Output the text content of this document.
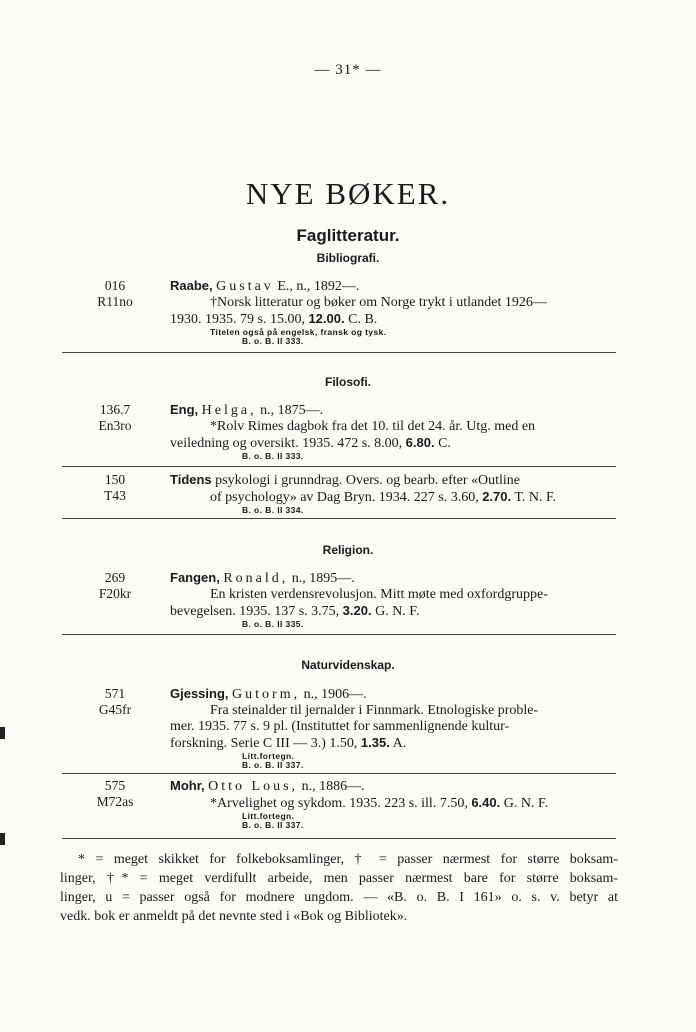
— 31* —
NYE BØKER.
Faglitteratur.
Bibliografi.
016
R11no
Raabe, Gustav E., n., 1892—.
†Norsk litteratur og bøker om Norge trykt i utlandet 1926—
1930. 1935. 79 s. 15.00, 12.00. C. B.
Titelen også på engelsk, fransk og tysk.
B. o. B. II 333.
Filosofi.
136.7
En3ro
Eng, Helga, n., 1875—.
*Rolv Rimes dagbok fra det 10. til det 24. år. Utg. med en
veiledning og oversikt. 1935. 472 s. 8.00, 6.80. C.
B. o. B. II 333.
150
T43
Tidens psykologi i grunndrag. Overs. og bearb. efter «Outline
of psychology» av Dag Bryn. 1934. 227 s. 3.60, 2.70. T. N. F.
B. o. B. II 334.
Religion.
269
F20kr
Fangen, Ronald, n., 1895—.
En kristen verdensrevolusjon. Mitt møte med oxfordgruppe-
bevegelsen. 1935. 137 s. 3.75, 3.20. G. N. F.
B. o. B. II 335.
Naturvidenskap.
571
G45fr
Gjessing, Gutorm, n., 1906—.
Fra steinalder til jernalder i Finnmark. Etnologiske proble-
mer. 1935. 77 s. 9 pl. (Instituttet for sammenlignende kultur-
forskning. Serie C III — 3.) 1.50, 1.35. A.
Litt.fortegn.
B. o. B. II 337.
575
M72as
Mohr, Otto Lous, n., 1886—.
*Arvelighet og sykdom. 1935. 223 s. ill. 7.50, 6.40. G. N. F.
Litt.fortegn.
B. o. B. II 337.
* = meget skikket for folkeboksamlinger, † = passer nærmest for større boksam-
linger, †* = meget verdifullt arbeide, men passer nærmest bare for større boksam-
linger, u = passer også for modnere ungdom. — «B. o. B. I 161» o. s. v. betyr at
vedk. bok er anmeldt på det nevnte sted i «Bok og Bibliotek».
